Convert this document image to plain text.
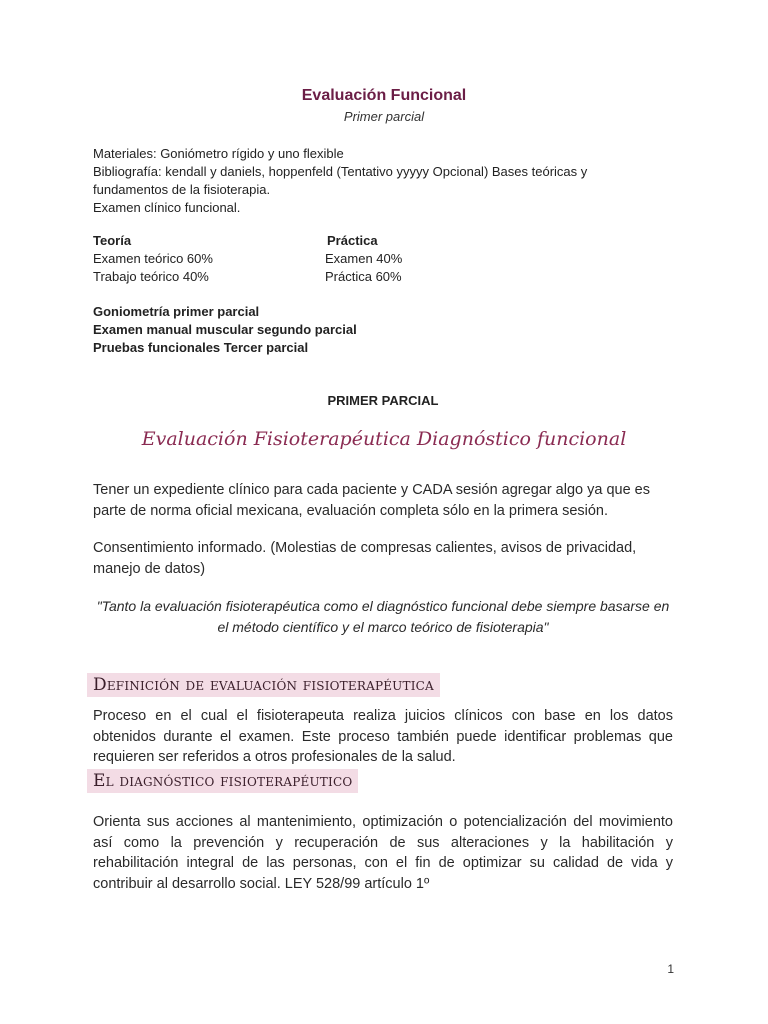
Evaluación Funcional

Primer parcial

Materiales: Goniómetro rígido y uno flexible
Bibliografía: kendall y daniels, hoppenfeld (Tentativo yyyyy Opcional) Bases teóricas y
fundamentos de la fisioterapia.
Examen clínico funcional.
Teoría
Examen teórico 60%
Trabajo teórico 40%
Práctica
Examen 40%
Práctica 60%
Goniometría primer parcial
Examen manual muscular segundo parcial
Pruebas funcionales Tercer parcial

PRIMER PARCIAL

Evaluación Fisioterapéutica Diagnóstico funcional

Tener un expediente clínico para cada paciente y CADA sesión agregar algo ya que es parte de norma oficial mexicana, evaluación completa sólo en la primera sesión.

Consentimiento informado. (Molestias de compresas calientes, avisos de privacidad, manejo de datos)

"Tanto la evaluación fisioterapéutica como el diagnóstico funcional debe siempre basarse en el método científico y el marco teórico de fisioterapia"

Definición de evaluación fisioterapéutica

Proceso en el cual el fisioterapeuta realiza juicios clínicos con base en los datos obtenidos durante el examen. Este proceso también puede identificar problemas que requieren ser referidos a otros profesionales de la salud.

El diagnóstico fisioterapéutico

Orienta sus acciones al mantenimiento, optimización o potencialización del movimiento así como la prevención y recuperación de sus alteraciones y la habilitación y rehabilitación integral de las personas, con el fin de optimizar su calidad de vida y contribuir al desarrollo social. LEY 528/99 artículo 1º

1
